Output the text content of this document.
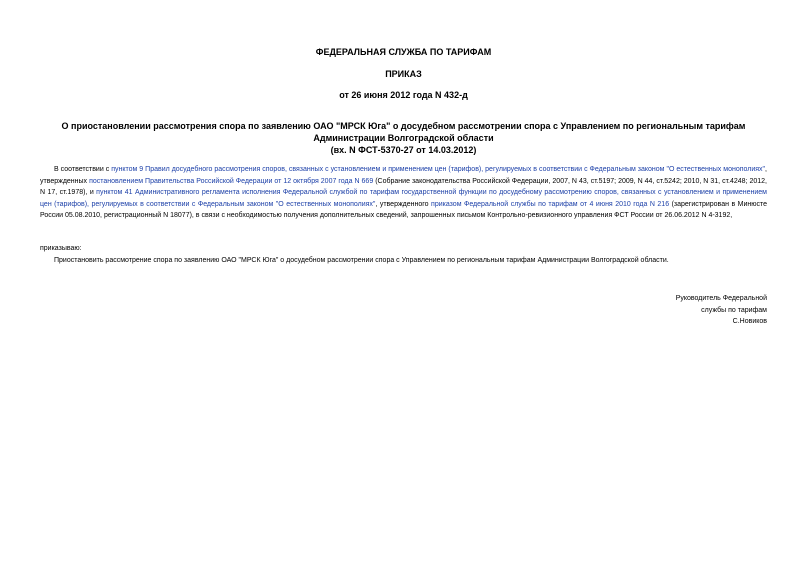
ФЕДЕРАЛЬНАЯ СЛУЖБА ПО ТАРИФАМ
ПРИКАЗ
от 26 июня 2012 года N 432-д
О приостановлении рассмотрения спора по заявлению ОАО "МРСК Юга" о досудебном рассмотрении спора с Управлением по региональным тарифам
Администрации Волгоградской области
(вх. N ФСТ-5370-27 от 14.03.2012)
В соответствии с пунктом 9 Правил досудебного рассмотрения споров, связанных с установлением и применением цен (тарифов), регулируемых в соответствии с Федеральным законом "О естественных монополиях", утвержденных постановлением Правительства Российской Федерации от 12 октября 2007 года N 669 (Собрание законодательства Российской Федерации, 2007, N 43, ст.5197; 2009, N 44, ст.5242; 2010, N 31, ст.4248; 2012, N 17, ст.1978), и пунктом 41 Административного регламента исполнения Федеральной службой по тарифам государственной функции по досудебному рассмотрению споров, связанных с установлением и применением цен (тарифов), регулируемых в соответствии с Федеральным законом "О естественных монополиях", утвержденного приказом Федеральной службы по тарифам от 4 июня 2010 года N 216 (зарегистрирован в Минюсте России 05.08.2010, регистрационный N 18077), в связи с необходимостью получения дополнительных сведений, запрошенных письмом Контрольно-ревизионного управления ФСТ России от 26.06.2012 N 4-3192,
приказываю:
Приостановить рассмотрение спора по заявлению ОАО "МРСК Юга" о досудебном рассмотрении спора с Управлением по региональным тарифам Администрации Волгоградской области.
Руководитель Федеральной
службы по тарифам
С.Новиков
